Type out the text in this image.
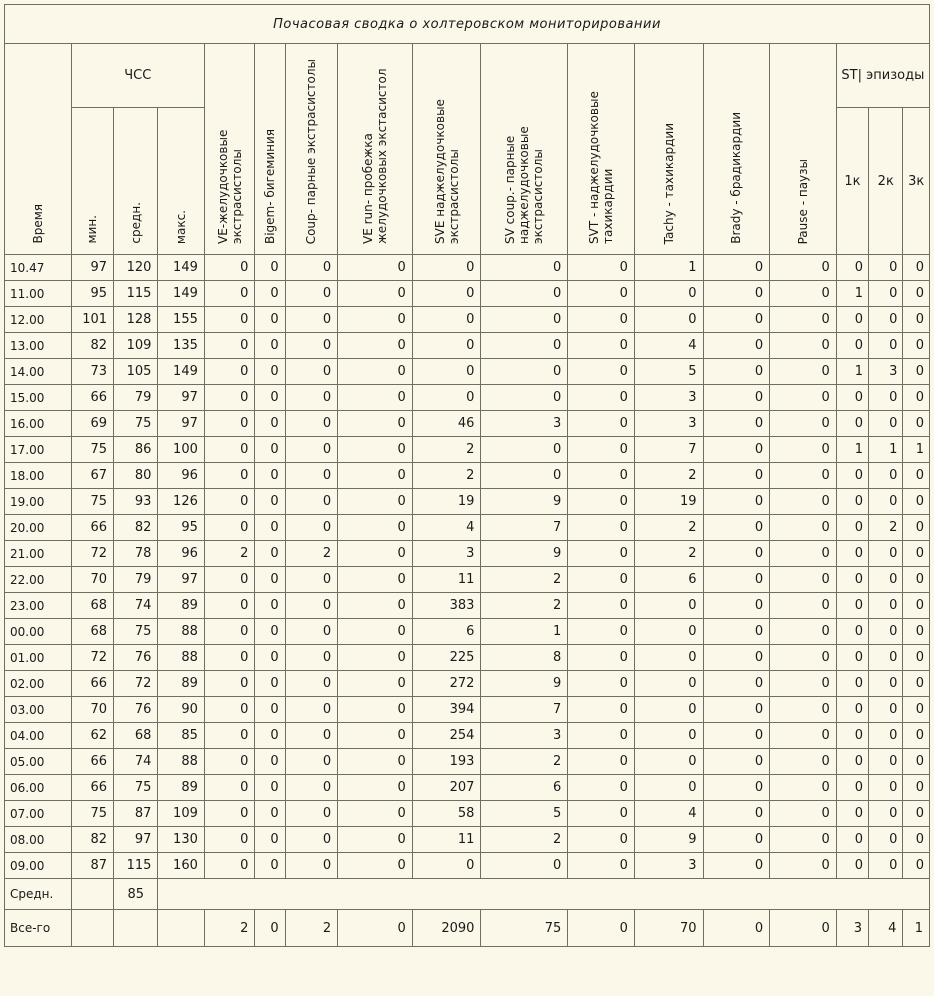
Почасовая сводка о холтеровском мониторировании																
Время	ЧСС			VE-желудочковые экстрасистолы	Bigem- бигеминия	Coup- парные экстрасистолы	VE run- пробежка желудочковых экстасистол	SVE наджелудочковые экстрасистолы	SV coup.- парные наджелудочковые экстрасистолы	SVT - наджелудочковые тахикардии	Tachy - тахикардии	Brady - брадикардии	Pause - паузы	ST| эпизоды		
	мин.	средн.	макс.											1к	2к	3к
10.47	97	120	149	0	0	0	0	0	0	0	1	0	0	0	0	0
11.00	95	115	149	0	0	0	0	0	0	0	0	0	0	1	0	0
12.00	101	128	155	0	0	0	0	0	0	0	0	0	0	0	0	0
13.00	82	109	135	0	0	0	0	0	0	0	4	0	0	0	0	0
14.00	73	105	149	0	0	0	0	0	0	0	5	0	0	1	3	0
15.00	66	79	97	0	0	0	0	0	0	0	3	0	0	0	0	0
16.00	69	75	97	0	0	0	0	46	3	0	3	0	0	0	0	0
17.00	75	86	100	0	0	0	0	2	0	0	7	0	0	1	1	1
18.00	67	80	96	0	0	0	0	2	0	0	2	0	0	0	0	0
19.00	75	93	126	0	0	0	0	19	9	0	19	0	0	0	0	0
20.00	66	82	95	0	0	0	0	4	7	0	2	0	0	0	2	0
21.00	72	78	96	2	0	2	0	3	9	0	2	0	0	0	0	0
22.00	70	79	97	0	0	0	0	11	2	0	6	0	0	0	0	0
23.00	68	74	89	0	0	0	0	383	2	0	0	0	0	0	0	0
00.00	68	75	88	0	0	0	0	6	1	0	0	0	0	0	0	0
01.00	72	76	88	0	0	0	0	225	8	0	0	0	0	0	0	0
02.00	66	72	89	0	0	0	0	272	9	0	0	0	0	0	0	0
03.00	70	76	90	0	0	0	0	394	7	0	0	0	0	0	0	0
04.00	62	68	85	0	0	0	0	254	3	0	0	0	0	0	0	0
05.00	66	74	88	0	0	0	0	193	2	0	0	0	0	0	0	0
06.00	66	75	89	0	0	0	0	207	6	0	0	0	0	0	0	0
07.00	75	87	109	0	0	0	0	58	5	0	4	0	0	0	0	0
08.00	82	97	130	0	0	0	0	11	2	0	9	0	0	0	0	0
09.00	87	115	160	0	0	0	0	0	0	0	3	0	0	0	0	0
Средн.		85														
Все-го				2	0	2	0	2090	75	0	70	0	0	3	4	1
